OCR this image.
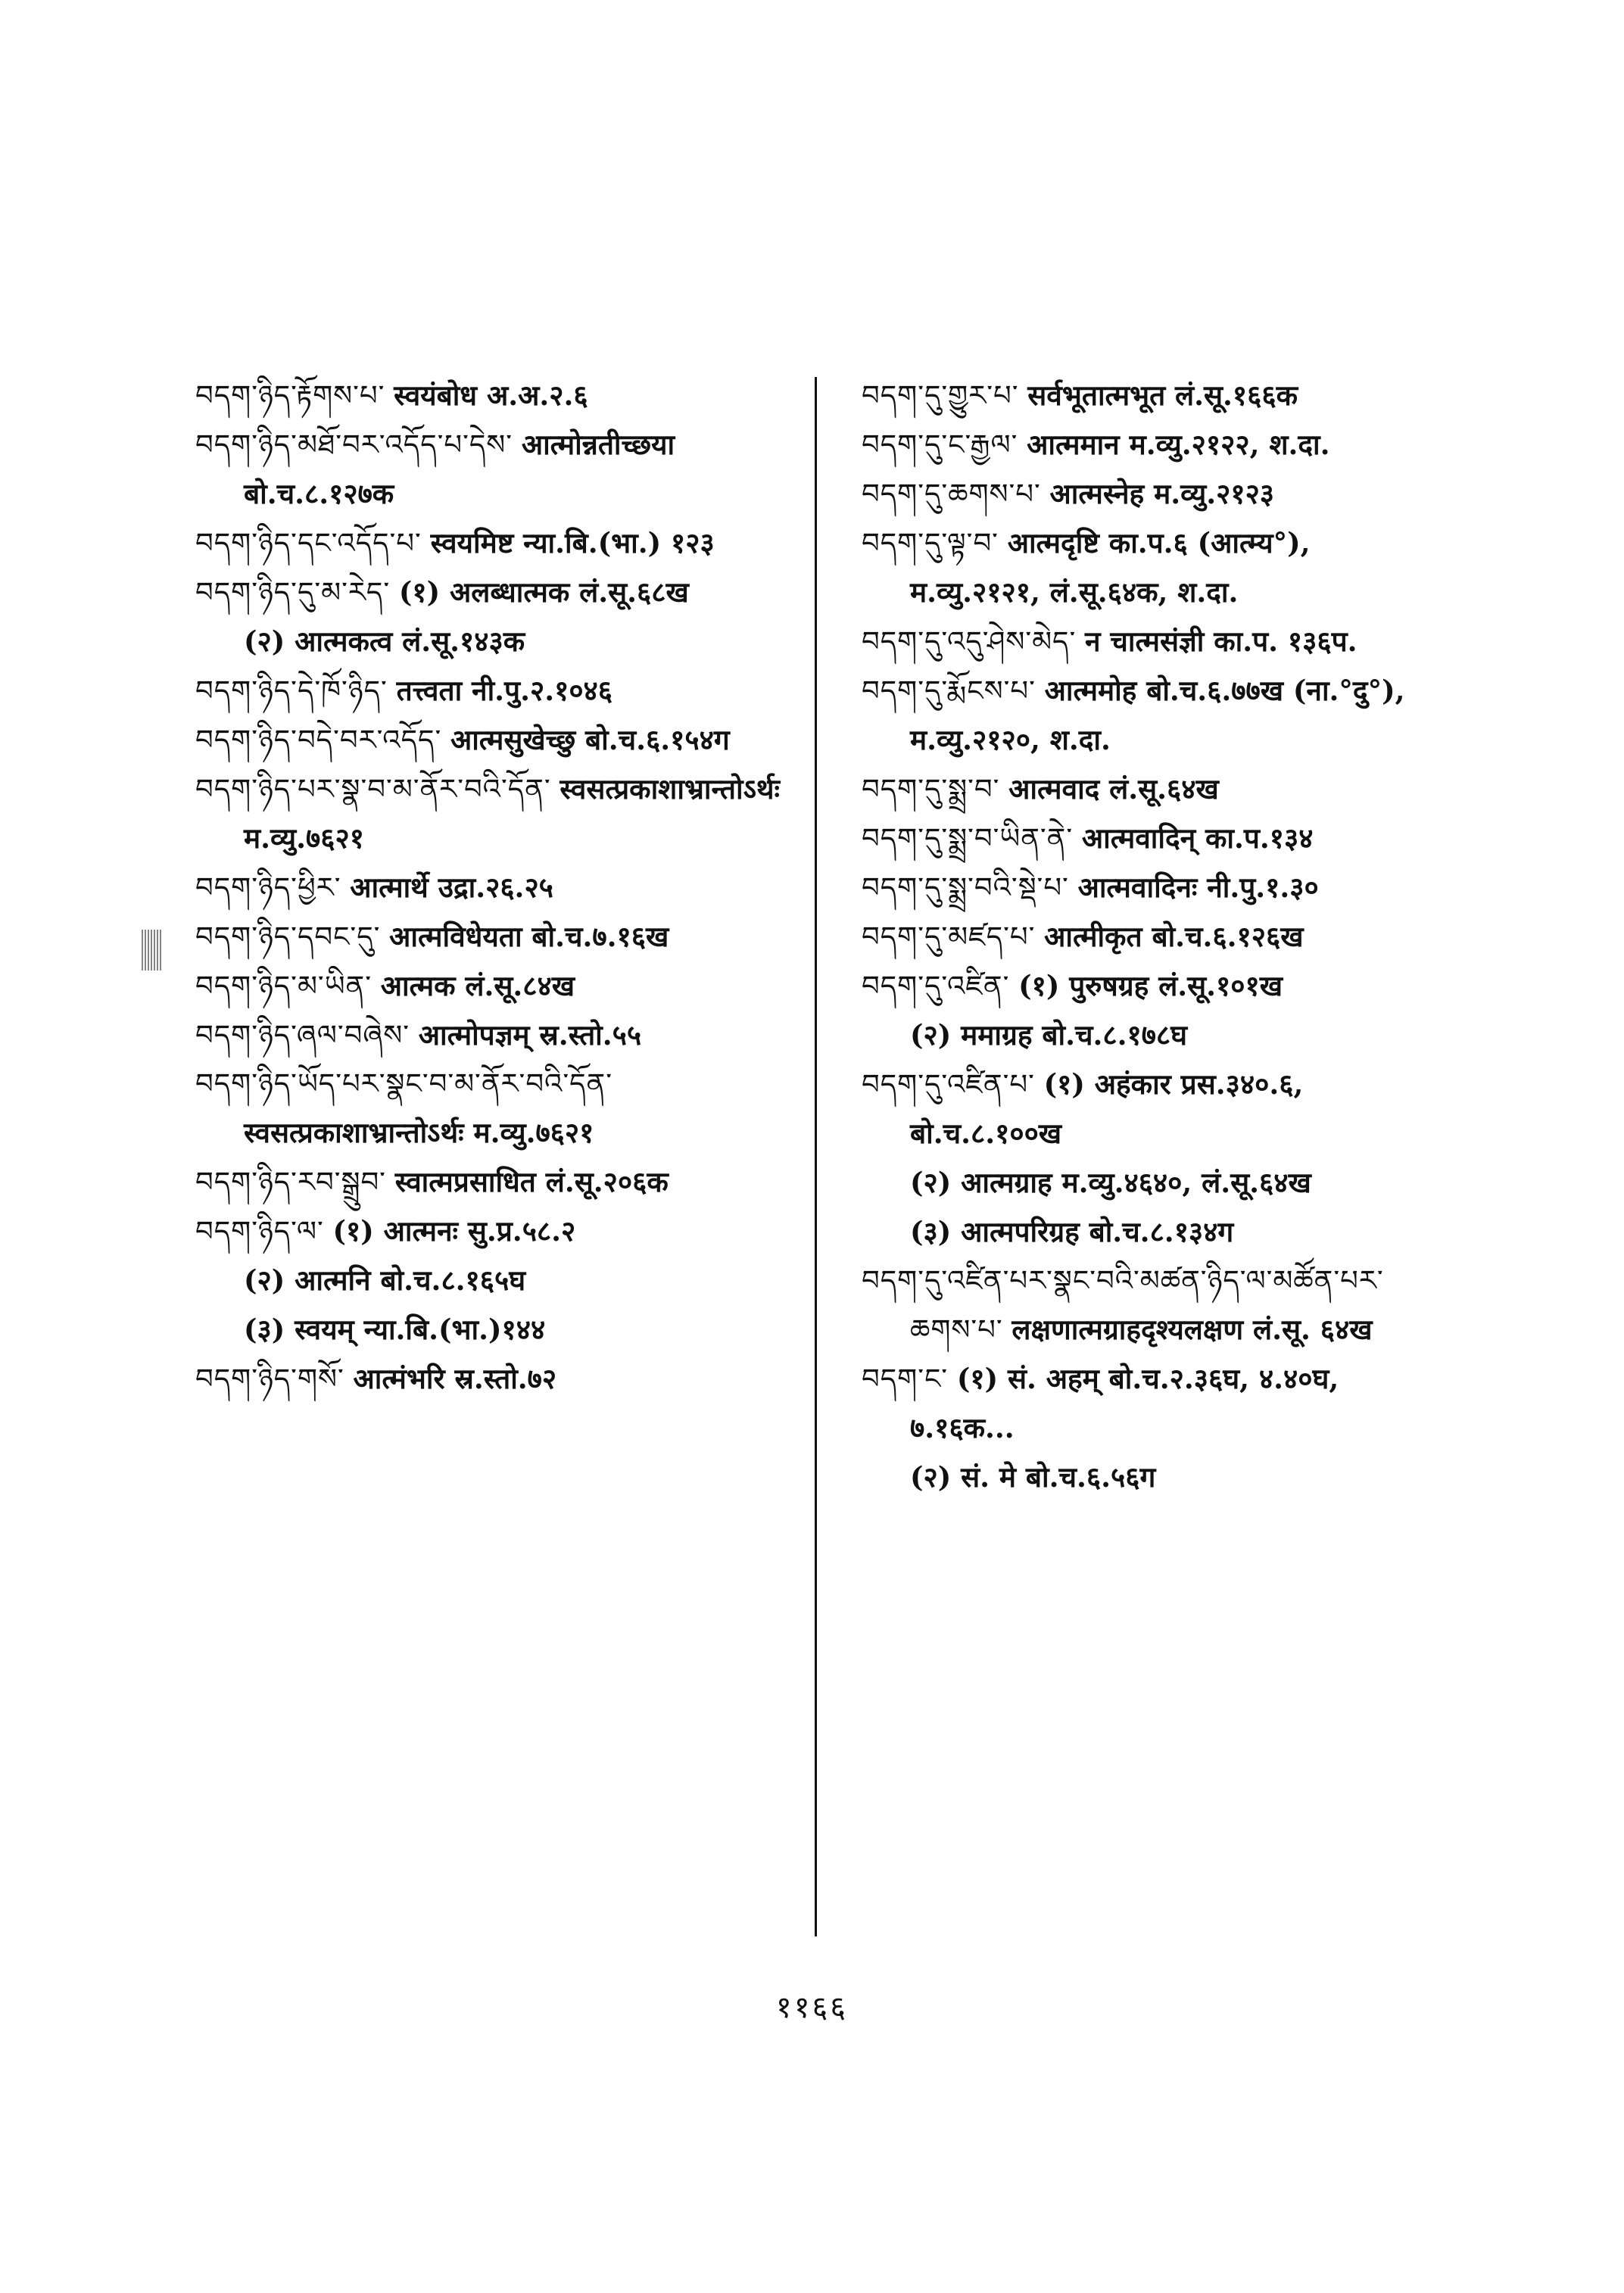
བདག་ཉིད་རྟོགས་པ་ स्वयंबोध अ.अ.२.६

བདག་ཉིད་མཐོ་བར་འདོད་པ་དེས་ आत्मोन्नतीच्छया बो.च.८.१२७क

བདག་ཉིད་དང་འདོད་པ་ स्वयमिष्ट न्या.बि.(भा.) १२३

བདག་ཉིད་དུ་མ་རེད་ (१) अलब्धात्मक लं.सू.६८ख

(२) आत्मकत्व लं.सू.१४३क

བདག་ཉིད་དེ་ཁོ་ཉིད་ तत्त्वता नी.पु.२.१०४६

བདག་ཉིད་བདེ་བར་འདོད་ आत्मसुखेच्छु बो.च.६.१५४ग

བདག་ཉིད་པར་སྣ་བ་མ་ནོར་བའི་དོན་ स्वसत्प्रकाशाभ्रान्तोऽर्थः म.व्यु.७६२१

བདག་ཉིད་ཕྱིར་ आत्मार्थे उद्रा.२६.२५

བདག་ཉིད་དབང་དུ་ आत्मविधेयता बो.च.७.१६ख

བདག་ཉིད་མ་ཡིན་ आत्मक लं.सू.८४ख

བདག་ཉིད་ཞལ་བཞེས་ आत्मोपज्ञम् स्र.स्तो.५५

བདག་ཉིད་ཡོད་པར་སྣང་བ་མ་ནོར་བའི་དོན་ स्वसत्प्रकाशाभ्रान्तोऽर्थः म.व्यु.७६२१

བདག་ཉིད་རབ་སྒྲུབ་ स्वात्मप्रसाधित लं.सू.२०६क

བདག་ཉིད་ལ་ (१) आत्मनः सु.प्र.५८.२

(२) आत्मनि बो.च.८.१६५घ

(३) स्वयम् न्या.बि.(भा.)१४४

བདག་ཉིད་གསོ་ आत्मंभरि स्र.स्तो.७२

བདག་དུ་གྱུར་པ་ सर्वभूतात्मभूत लं.सू.१६६क

བདག་དུ་ང་རྒྱལ་ आत्ममान म.व्यु.२१२२, श.दा.

བདག་དུ་ཆགས་པ་ आत्मस्नेह म.व्यु.२१२३

བདག་དུ་ལྟ་བ་ आत्मदृष्टि का.प.६ (आत्म्य°), म.व्यु.२१२१, लं.सू.६४क, श.दा.

བདག་དུ་འདུ་ཤེས་མེད་ न चात्मसंज्ञी का.प. १३६प.

བདག་དུ་རྨོངས་པ་ आत्ममोह बो.च.६.७७ख (ना.°दु°), म.व्यु.२१२०, श.दा.

བདག་དུ་སྨྲ་བ་ आत्मवाद लं.सू.६४ख

བདག་དུ་སྨྲ་བ་ཡིན་ནེ་ आत्मवादिन् का.प.१३४

བདག་དུ་སྨྲ་བའི་སྡེ་པ་ आत्मवादिनः नी.पु.१.३०

བདག་དུ་མཛད་པ་ आत्मीकृत बो.च.६.१२६ख

བདག་དུ་འཛིན་ (१) पुरुषग्रह लं.सू.१०१ख

(२) ममाग्रह बो.च.८.१७८घ

བདག་དུ་འཛིན་པ་ (१) अहंकार प्रस.३४०.६, बो.च.८.१००ख

(२) आत्मग्राह म.व्यु.४६४०, लं.सू.६४ख

(३) आत्मपरिग्रह बो.च.८.१३४ग

བདག་དུ་འཛིན་པར་སྣང་བའི་མཚན་ཉིད་ལ་མཚོན་པར་ཆགས་པ་ लक्षणात्मग्राहदृश्यलक्षण लं.सू. ६४ख

བདག་ང་ (१) सं. अहम् बो.च.२.३६घ, ४.४०घ, ७.१६क...

(२) सं. मे बो.च.६.५६ग

११६६
